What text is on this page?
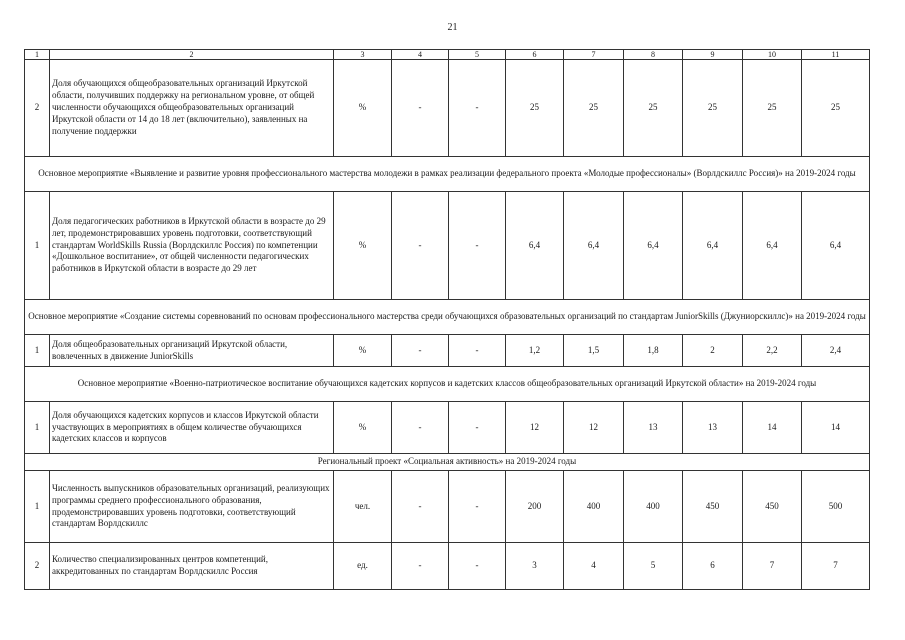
21
1	2	3	4	5	6	7	8	9	10	11
2	Доля обучающихся общеобразовательных организаций Иркутской области, получивших поддержку на региональном уровне, от общей численности обучающихся общеобразовательных организаций Иркутской области от 14 до 18 лет (включительно), заявленных на получение поддержки	%	-	-	25	25	25	25	25	25
Основное мероприятие «Выявление и развитие уровня профессионального мастерства молодежи в рамках реализации федерального проекта «Молодые профессионалы» (Ворлдскиллс Россия)» на 2019-2024 годы										
1	Доля педагогических работников в Иркутской области в возрасте до 29 лет, продемонстрировавших уровень подготовки, соответствующий стандартам WorldSkills Russia (Ворлдскиллс Россия) по компетенции «Дошкольное воспитание», от общей численности педагогических работников в Иркутской области в возрасте до 29 лет	%	-	-	6,4	6,4	6,4	6,4	6,4	6,4
Основное мероприятие «Создание системы соревнований по основам профессионального мастерства среди обучающихся образовательных организаций по стандартам JuniorSkills (Джуниорскиллс)» на 2019-2024 годы										
1	Доля общеобразовательных организаций Иркутской области, вовлеченных в движение JuniorSkills	%	-	-	1,2	1,5	1,8	2	2,2	2,4
Основное мероприятие «Военно-патриотическое воспитание обучающихся кадетских корпусов и кадетских классов общеобразовательных организаций Иркутской области» на 2019-2024 годы										
1	Доля обучающихся кадетских корпусов и классов Иркутской области участвующих в мероприятиях в общем количестве обучающихся кадетских классов и корпусов	%	-	-	12	12	13	13	14	14
Региональный проект «Социальная активность» на 2019-2024 годы										
1	Численность выпускников образовательных организаций, реализующих программы среднего профессионального образования, продемонстрировавших уровень подготовки, соответствующий стандартам Ворлдскиллс	чел.	-	-	200	400	400	450	450	500
2	Количество специализированных центров компетенций, аккредитованных по стандартам Ворлдскиллс Россия	ед.	-	-	3	4	5	6	7	7
